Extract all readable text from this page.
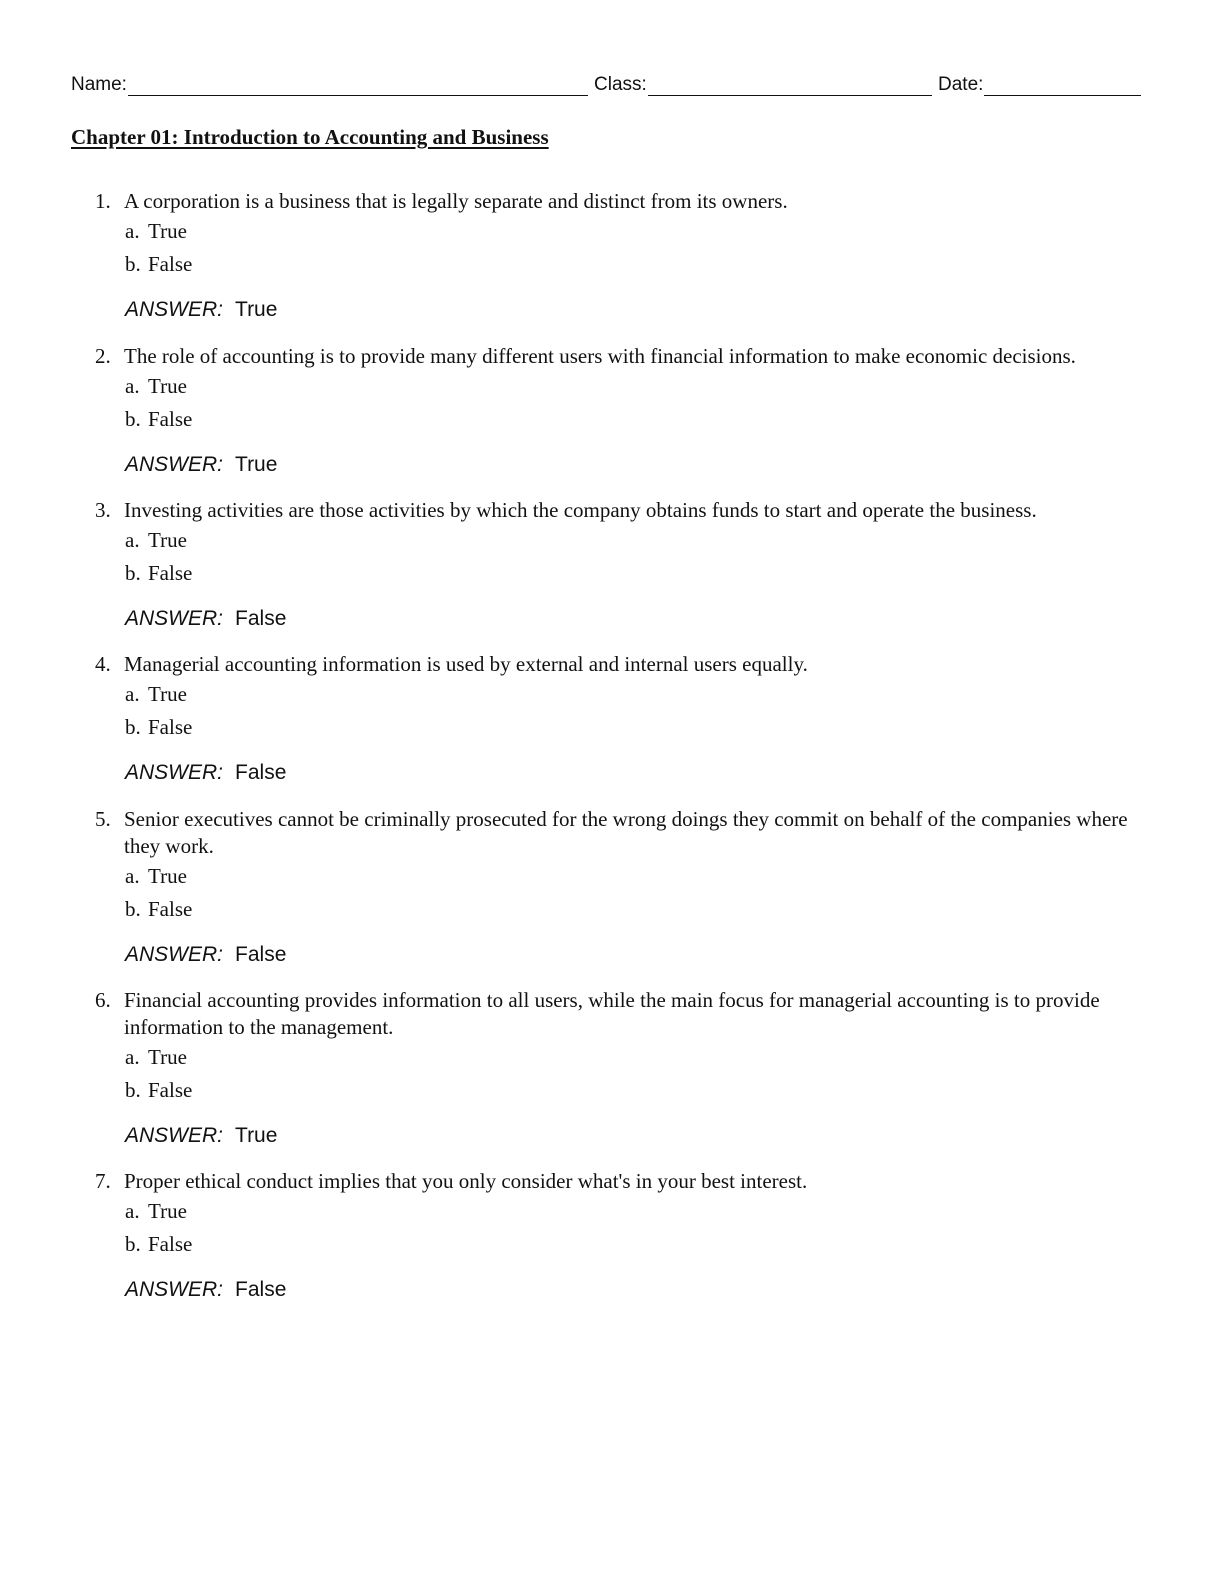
Name:	Class:	Date:
Chapter 01: Introduction to Accounting and Business
1. A corporation is a business that is legally separate and distinct from its owners.
a. True
b. False
ANSWER: True
2. The role of accounting is to provide many different users with financial information to make economic decisions.
a. True
b. False
ANSWER: True
3. Investing activities are those activities by which the company obtains funds to start and operate the business.
a. True
b. False
ANSWER: False
4. Managerial accounting information is used by external and internal users equally.
a. True
b. False
ANSWER: False
5. Senior executives cannot be criminally prosecuted for the wrong doings they commit on behalf of the companies where they work.
a. True
b. False
ANSWER: False
6. Financial accounting provides information to all users, while the main focus for managerial accounting is to provide information to the management.
a. True
b. False
ANSWER: True
7. Proper ethical conduct implies that you only consider what's in your best interest.
a. True
b. False
ANSWER: False
